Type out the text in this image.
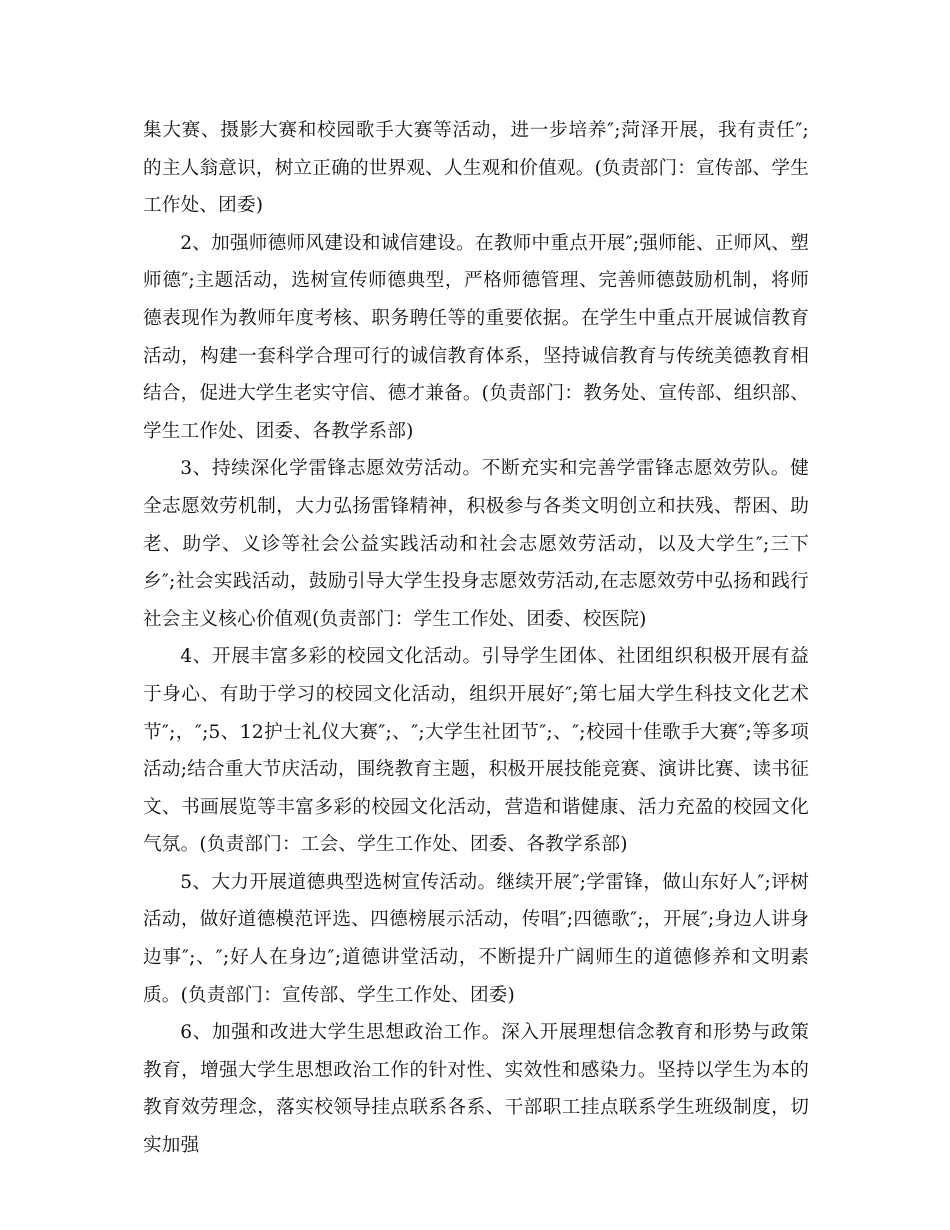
集大赛、摄影大赛和校园歌手大赛等活动，进一步培养″;菏泽开展，我有责任″;的主人翁意识，树立正确的世界观、人生观和价值观。(负责部门：宣传部、学生工作处、团委)

2、加强师德师风建设和诚信建设。在教师中重点开展″;强师能、正师风、塑师德″;主题活动，选树宣传师德典型，严格师德管理、完善师德鼓励机制，将师德表现作为教师年度考核、职务聘任等的重要依据。在学生中重点开展诚信教育活动，构建一套科学合理可行的诚信教育体系，坚持诚信教育与传统美德教育相结合，促进大学生老实守信、德才兼备。(负责部门：教务处、宣传部、组织部、学生工作处、团委、各教学系部)

3、持续深化学雷锋志愿效劳活动。不断充实和完善学雷锋志愿效劳队。健全志愿效劳机制，大力弘扬雷锋精神，积极参与各类文明创立和扶残、帮困、助老、助学、义诊等社会公益实践活动和社会志愿效劳活动，以及大学生″;三下乡″;社会实践活动，鼓励引导大学生投身志愿效劳活动,在志愿效劳中弘扬和践行社会主义核心价值观(负责部门：学生工作处、团委、校医院)

4、开展丰富多彩的校园文化活动。引导学生团体、社团组织积极开展有益于身心、有助于学习的校园文化活动，组织开展好″;第七届大学生科技文化艺术节″;，″;5、12护士礼仪大赛″;、″;大学生社团节″;、″;校园十佳歌手大赛″;等多项活动;结合重大节庆活动，围绕教育主题，积极开展技能竞赛、演讲比赛、读书征文、书画展览等丰富多彩的校园文化活动，营造和谐健康、活力充盈的校园文化气氛。(负责部门：工会、学生工作处、团委、各教学系部)

5、大力开展道德典型选树宣传活动。继续开展″;学雷锋，做山东好人″;评树活动，做好道德模范评选、四德榜展示活动，传唱″;四德歌″;，开展″;身边人讲身边事″;、″;好人在身边″;道德讲堂活动，不断提升广阔师生的道德修养和文明素质。(负责部门：宣传部、学生工作处、团委)

6、加强和改进大学生思想政治工作。深入开展理想信念教育和形势与政策教育，增强大学生思想政治工作的针对性、实效性和感染力。坚持以学生为本的教育效劳理念，落实校领导挂点联系各系、干部职工挂点联系学生班级制度，切实加强
